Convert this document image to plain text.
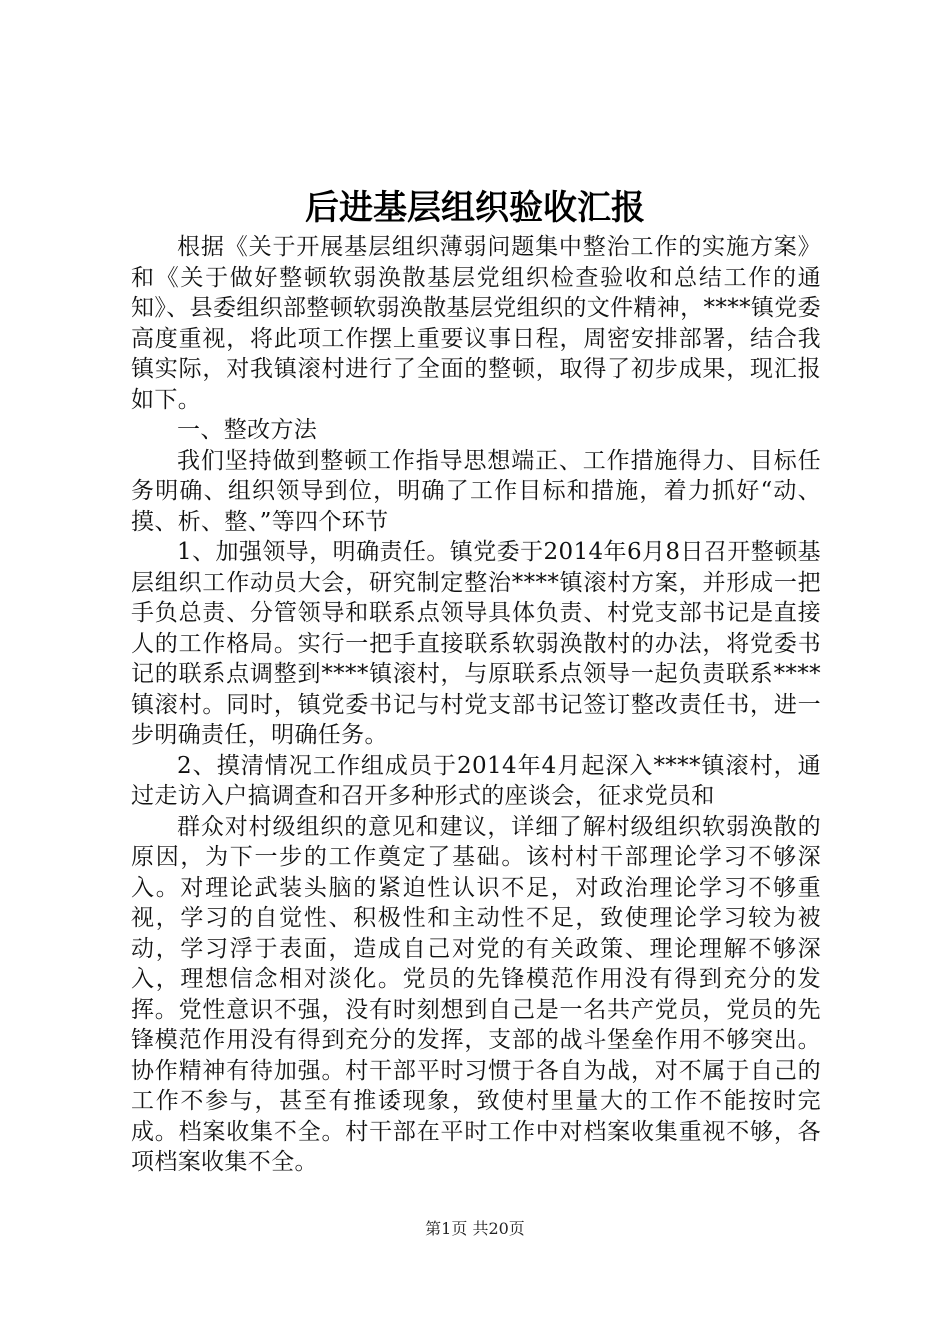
后进基层组织验收汇报

根据《关于开展基层组织薄弱问题集中整治工作的实施方案》和《关于做好整顿软弱涣散基层党组织检查验收和总结工作的通知》、县委组织部整顿软弱涣散基层党组织的文件精神，****镇党委高度重视，将此项工作摆上重要议事日程，周密安排部署，结合我镇实际，对我镇滚村进行了全面的整顿，取得了初步成果，现汇报如下。

一、整改方法

我们坚持做到整顿工作指导思想端正、工作措施得力、目标任务明确、组织领导到位，明确了工作目标和措施，着力抓好“动、摸、析、整、”等四个环节

1、加强领导，明确责任。镇党委于2014年6月8日召开整顿基层组织工作动员大会，研究制定整治****镇滚村方案，并形成一把手负总责、分管领导和联系点领导具体负责、村党支部书记是直接人的工作格局。实行一把手直接联系软弱涣散村的办法，将党委书记的联系点调整到****镇滚村，与原联系点领导一起负责联系****镇滚村。同时，镇党委书记与村党支部书记签订整改责任书，进一步明确责任，明确任务。

2、摸清情况工作组成员于2014年4月起深入****镇滚村，通过走访入户搞调查和召开多种形式的座谈会，征求党员和

群众对村级组织的意见和建议，详细了解村级组织软弱涣散的原因，为下一步的工作奠定了基础。该村村干部理论学习不够深入。对理论武装头脑的紧迫性认识不足，对政治理论学习不够重视，学习的自觉性、积极性和主动性不足，致使理论学习较为被动，学习浮于表面，造成自己对党的有关政策、理论理解不够深入，理想信念相对淡化。党员的先锋模范作用没有得到充分的发挥。党性意识不强，没有时刻想到自己是一名共产党员，党员的先锋模范作用没有得到充分的发挥，支部的战斗堡垒作用不够突出。协作精神有待加强。村干部平时习惯于各自为战，对不属于自己的工作不参与，甚至有推诿现象，致使村里量大的工作不能按时完成。档案收集不全。村干部在平时工作中对档案收集重视不够，各项档案收集不全。

第1页 共20页
